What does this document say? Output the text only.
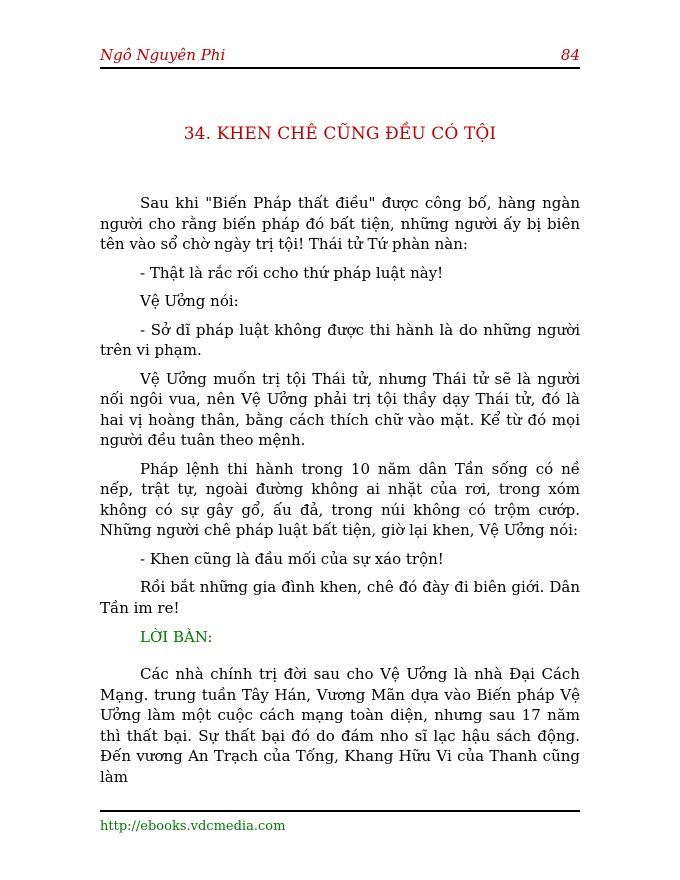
Ngô Nguyên Phi	84
34. KHEN CHÊ CŨNG ĐỀU CÓ TỘI

Sau khi "Biến Pháp thất điều" được công bố, hàng ngàn người cho rằng biến pháp đó bất tiện, những người ấy bị biên tên vào sổ chờ ngày trị tội! Thái tử Tứ phàn nàn:

- Thật là rắc rối ccho thứ pháp luật này!

Vệ Ưởng nói:

- Sở dĩ pháp luật không được thi hành là do những người trên vi phạm.

Vệ Ưởng muốn trị tội Thái tử, nhưng Thái tử sẽ là người nối ngôi vua, nên Vệ Ưởng phải trị tội thầy dạy Thái tử, đó là hai vị hoàng thân, bằng cách thích chữ vào mặt. Kể từ đó mọi người đều tuân theo mệnh.

Pháp lệnh thi hành trong 10 năm dân Tần sống có nề nếp, trật tự, ngoài đường không ai nhặt của rơi, trong xóm không có sự gây gổ, ấu đả, trong núi không có trộm cướp. Những người chê pháp luật bất tiện, giờ lại khen, Vệ Ưởng nói:

- Khen cũng là đầu mối của sự xáo trộn!

Rồi bắt những gia đình khen, chê đó đày đi biên giới. Dân Tần im re!

LỜI BÀN:

Các nhà chính trị đời sau cho Vệ Ưởng là nhà Đại Cách Mạng. trung tuần Tây Hán, Vương Mãn dựa vào Biến pháp Vệ Ưởng làm một cuộc cách mạng toàn diện, nhưng sau 17 năm thì thất bại. Sự thất bại đó do đám nho sĩ lạc hậu sách động. Đến vương An Trạch của Tống, Khang Hữu Vi của Thanh cũng làm

http://ebooks.vdcmedia.com
